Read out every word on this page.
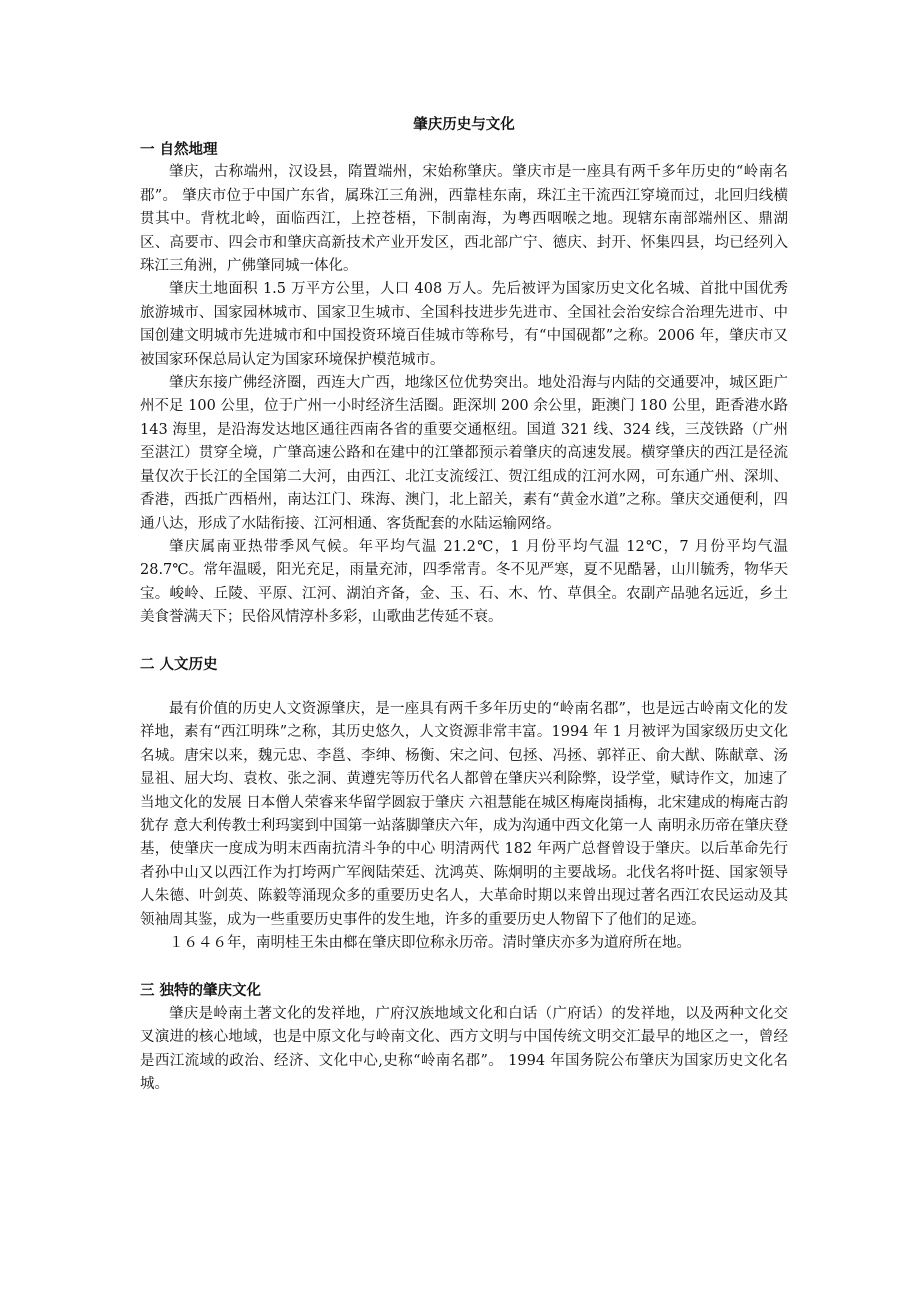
肇庆历史与文化
一 自然地理

肇庆，古称端州，汉设县，隋置端州，宋始称肇庆。肇庆市是一座具有两千多年历史的“岭南名郡”。 肇庆市位于中国广东省，属珠江三角洲，西靠桂东南，珠江主干流西江穿境而过，北回归线横贯其中。背枕北岭，面临西江，上控苍梧，下制南海，为粤西咽喉之地。现辖东南部端州区、鼎湖区、高要市、四会市和肇庆高新技术产业开发区，西北部广宁、德庆、封开、怀集四县，均已经列入珠江三角洲，广佛肇同城一体化。

肇庆土地面积 1.5 万平方公里，人口 408 万人。先后被评为国家历史文化名城、首批中国优秀旅游城市、国家园林城市、国家卫生城市、全国科技进步先进市、全国社会治安综合治理先进市、中国创建文明城市先进城市和中国投资环境百佳城市等称号，有“中国砚都”之称。2006 年，肇庆市又被国家环保总局认定为国家环境保护模范城市。

肇庆东接广佛经济圈，西连大广西，地缘区位优势突出。地处沿海与内陆的交通要冲，城区距广州不足 100 公里，位于广州一小时经济生活圈。距深圳 200 余公里，距澳门 180 公里，距香港水路 143 海里，是沿海发达地区通往西南各省的重要交通枢纽。国道 321 线、324 线，三茂铁路（广州至湛江）贯穿全境，广肇高速公路和在建中的江肇都预示着肇庆的高速发展。横穿肇庆的西江是径流量仅次于长江的全国第二大河，由西江、北江支流绥江、贺江组成的江河水网，可东通广州、深圳、香港，西抵广西梧州，南达江门、珠海、澳门，北上韶关，素有“黄金水道”之称。肇庆交通便利，四通八达，形成了水陆衔接、江河相通、客货配套的水陆运输网络。

肇庆属南亚热带季风气候。年平均气温 21.2℃，1 月份平均气温 12℃，7 月份平均气温 28.7℃。常年温暖，阳光充足，雨量充沛，四季常青。冬不见严寒，夏不见酷暑，山川毓秀，物华天宝。峻岭、丘陵、平原、江河、湖泊齐备，金、玉、石、木、竹、草俱全。农副产品驰名远近，乡土美食誉满天下；民俗风情淳朴多彩，山歌曲艺传延不衰。

二 人文历史

最有价值的历史人文资源肇庆，是一座具有两千多年历史的“岭南名郡”，也是远古岭南文化的发祥地，素有“西江明珠”之称，其历史悠久，人文资源非常丰富。1994 年 1 月被评为国家级历史文化名城。唐宋以来，魏元忠、李邕、李绅、杨衡、宋之问、包拯、冯拯、郭祥正、俞大猷、陈献章、汤显祖、屈大均、袁枚、张之洞、黄遵宪等历代名人都曾在肇庆兴利除弊，设学堂，赋诗作文，加速了当地文化的发展 日本僧人荣睿来华留学圆寂于肇庆 六祖慧能在城区梅庵岗插梅，北宋建成的梅庵古韵犹存 意大利传教士利玛窦到中国第一站落脚肇庆六年，成为沟通中西文化第一人 南明永历帝在肇庆登基，使肇庆一度成为明末西南抗清斗争的中心 明清两代 182 年两广总督曾设于肇庆。以后革命先行者孙中山又以西江作为打垮两广军阀陆荣廷、沈鸿英、陈炯明的主要战场。北伐名将叶挺、国家领导人朱德、叶剑英、陈毅等涌现众多的重要历史名人，大革命时期以来曾出现过著名西江农民运动及其领袖周其鉴，成为一些重要历史事件的发生地，许多的重要历史人物留下了他们的足迹。

１６４６年，南明桂王朱由榔在肇庆即位称永历帝。清时肇庆亦多为道府所在地。

三 独特的肇庆文化

肇庆是岭南土著文化的发祥地，广府汉族地域文化和白话（广府话）的发祥地，以及两种文化交叉演进的核心地域，也是中原文化与岭南文化、西方文明与中国传统文明交汇最早的地区之一，曾经是西江流域的政治、经济、文化中心,史称“岭南名郡”。 1994 年国务院公布肇庆为国家历史文化名城。
